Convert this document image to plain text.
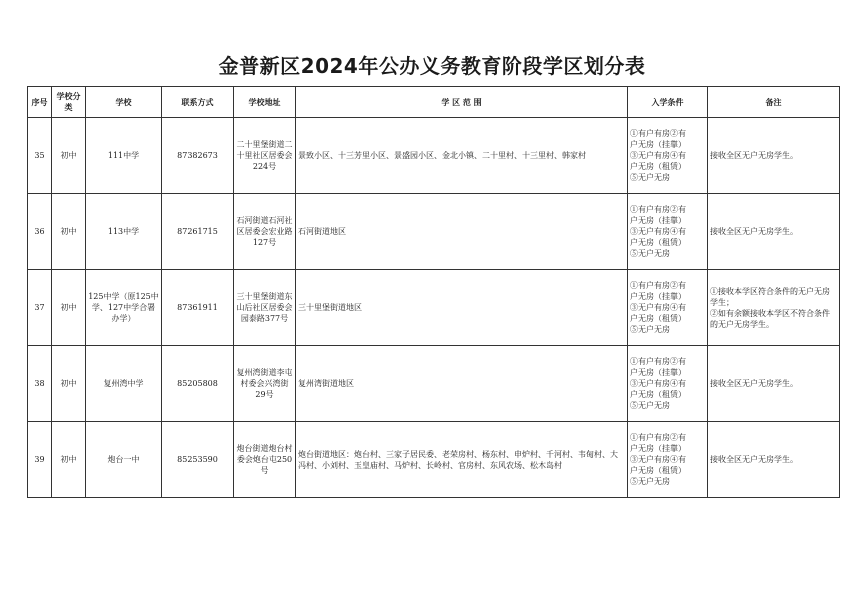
金普新区2024年公办义务教育阶段学区划分表
序号	学校分类	学校	联系方式	学校地址	学 区 范 围	入学条件	备注
35	初中	111中学	87382673	二十里堡街道二十里社区居委会224号	景致小区、十三芳里小区、景盛园小区、金北小镇、二十里村、十三里村、韩家村	①有户有房②有
户无房（挂靠）
③无户有房④有
户无房（租赁）
⑤无户无房	接收全区无户无房学生。

36	初中	113中学	87261715	石河街道石河社区居委会宏业路127号	石河街道地区	①有户有房②有
户无房（挂靠）
③无户有房④有
户无房（租赁）
⑤无户无房	接收全区无户无房学生。

37	初中	125中学（原125中学、127中学合署办学）	87361911	三十里堡街道东山后社区居委会园泰路377号	三十里堡街道地区	①有户有房②有
户无房（挂靠）
③无户有房④有
户无房（租赁）
⑤无户无房	①接收本学区符合条件的无户无房学生；
②如有余额接收本学区不符合条件的无户无房学生。

38	初中	复州湾中学	85205808	复州湾街道李屯村委会兴湾街29号	复州湾街道地区	①有户有房②有
户无房（挂靠）
③无户有房④有
户无房（租赁）
⑤无户无房	接收全区无户无房学生。

39	初中	炮台一中	85253590	炮台街道炮台村委会炮台屯250号	炮台街道地区：炮台村、三家子居民委、老荣房村、杨东村、申炉村、千河村、韦甸村、大冯村、小刘村、玉皇庙村、马炉村、长岭村、官房村、东风农场、松木岛村	①有户有房②有
户无房（挂靠）
③无户有房④有
户无房（租赁）
⑤无户无房	接收全区无户无房学生。
